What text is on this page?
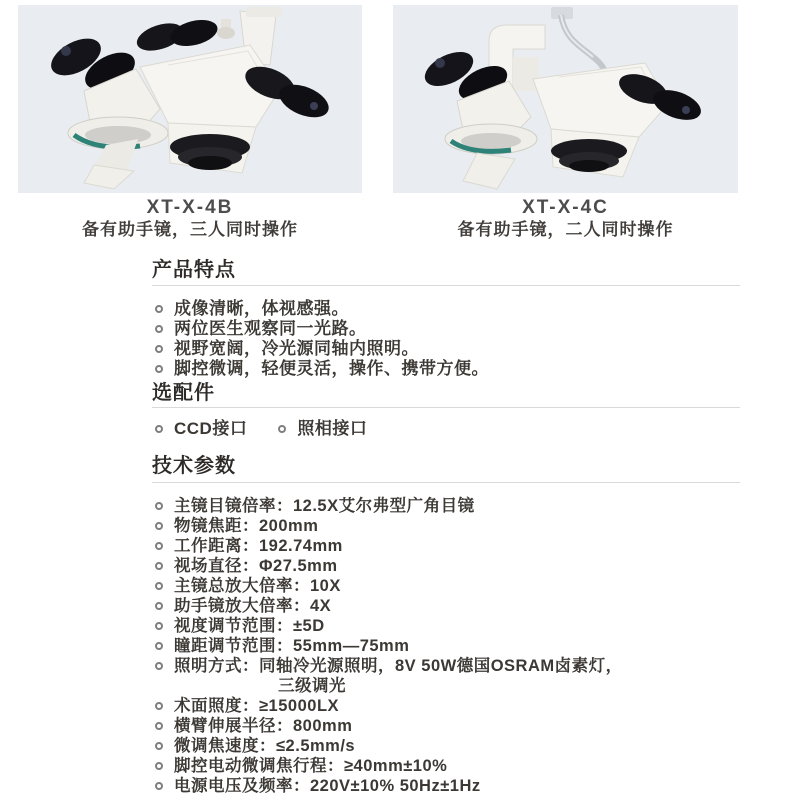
XT-X-4B
备有助手镜，三人同时操作
XT-X-4C
备有助手镜，二人同时操作
产品特点
成像清晰，体视感强。
两位医生观察同一光路。
视野宽阔，冷光源同轴内照明。
脚控微调，轻便灵活，操作、携带方便。
选配件
CCD接口	照相接口
技术参数
主镜目镜倍率：12.5X艾尔弗型广角目镜
物镜焦距：200mm
工作距离：192.74mm
视场直径：Φ27.5mm
主镜总放大倍率：10X
助手镜放大倍率：4X
视度调节范围：±5D
瞳距调节范围：55mm—75mm
照明方式：同轴冷光源照明，8V 50W德国OSRAM卤素灯，
三级调光
术面照度：≥15000LX
横臂伸展半径：800mm
微调焦速度：≤2.5mm/s
脚控电动微调焦行程：≥40mm±10%
电源电压及频率：220V±10% 50Hz±1Hz
